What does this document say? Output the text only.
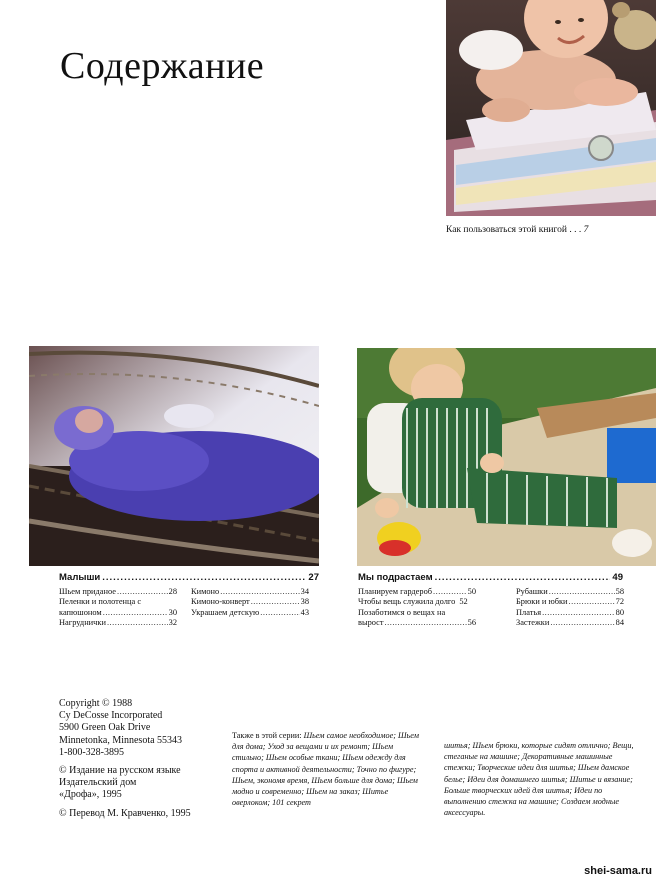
Содержание
Как пользоваться этой книгой . . . 7
Малыши .....	27
Шьем приданое .....	28
Пеленки и полотенца с
капюшоном .....	30
Нагруднички .....	32
Кимоно .....	34
Кимоно-конверт .....	38
Украшаем детскую .....	43
Мы подрастаем .....	49
Планируем гардероб .....	50
Чтобы вещь служила долго 52
Позаботимся о вещах на
вырост .....	56
Рубашки .....	58
Брюки и юбки .....	72
Платья .....	80
Застежки .....	84
Copyright © 1988
Cy DeCosse Incorporated
5900 Green Oak Drive
Minnetonka, Minnesota 55343
1-800-328-3895
© Издание на русском языке
Издательский дом
«Дрофа», 1995
© Перевод М. Кравченко, 1995
Также в этой серии: Шьем самое необходимое; Шьем для дома; Уход за вещами и их ремонт; Шьем стильно; Шьем особые ткани; Шьем одежду для спорта и активной деятельности; Точно по фигуре; Шьем, экономя время, Шьем больше для дома; Шьем модно и современно; Шьем на заказ; Шитье оверлоком; 101 секрет
шитья; Шьем брюки, которые сидят отлично; Вещи, стеганые на машине; Декоративные машинные стежки; Творческие идеи для шитья; Шьем дамское белье; Идеи для домашнего шитья; Шитье и вязание; Больше творческих идей для шитья; Идеи по выполнению стежка на машине; Создаем модные аксессуары.
shei-sama.ru
